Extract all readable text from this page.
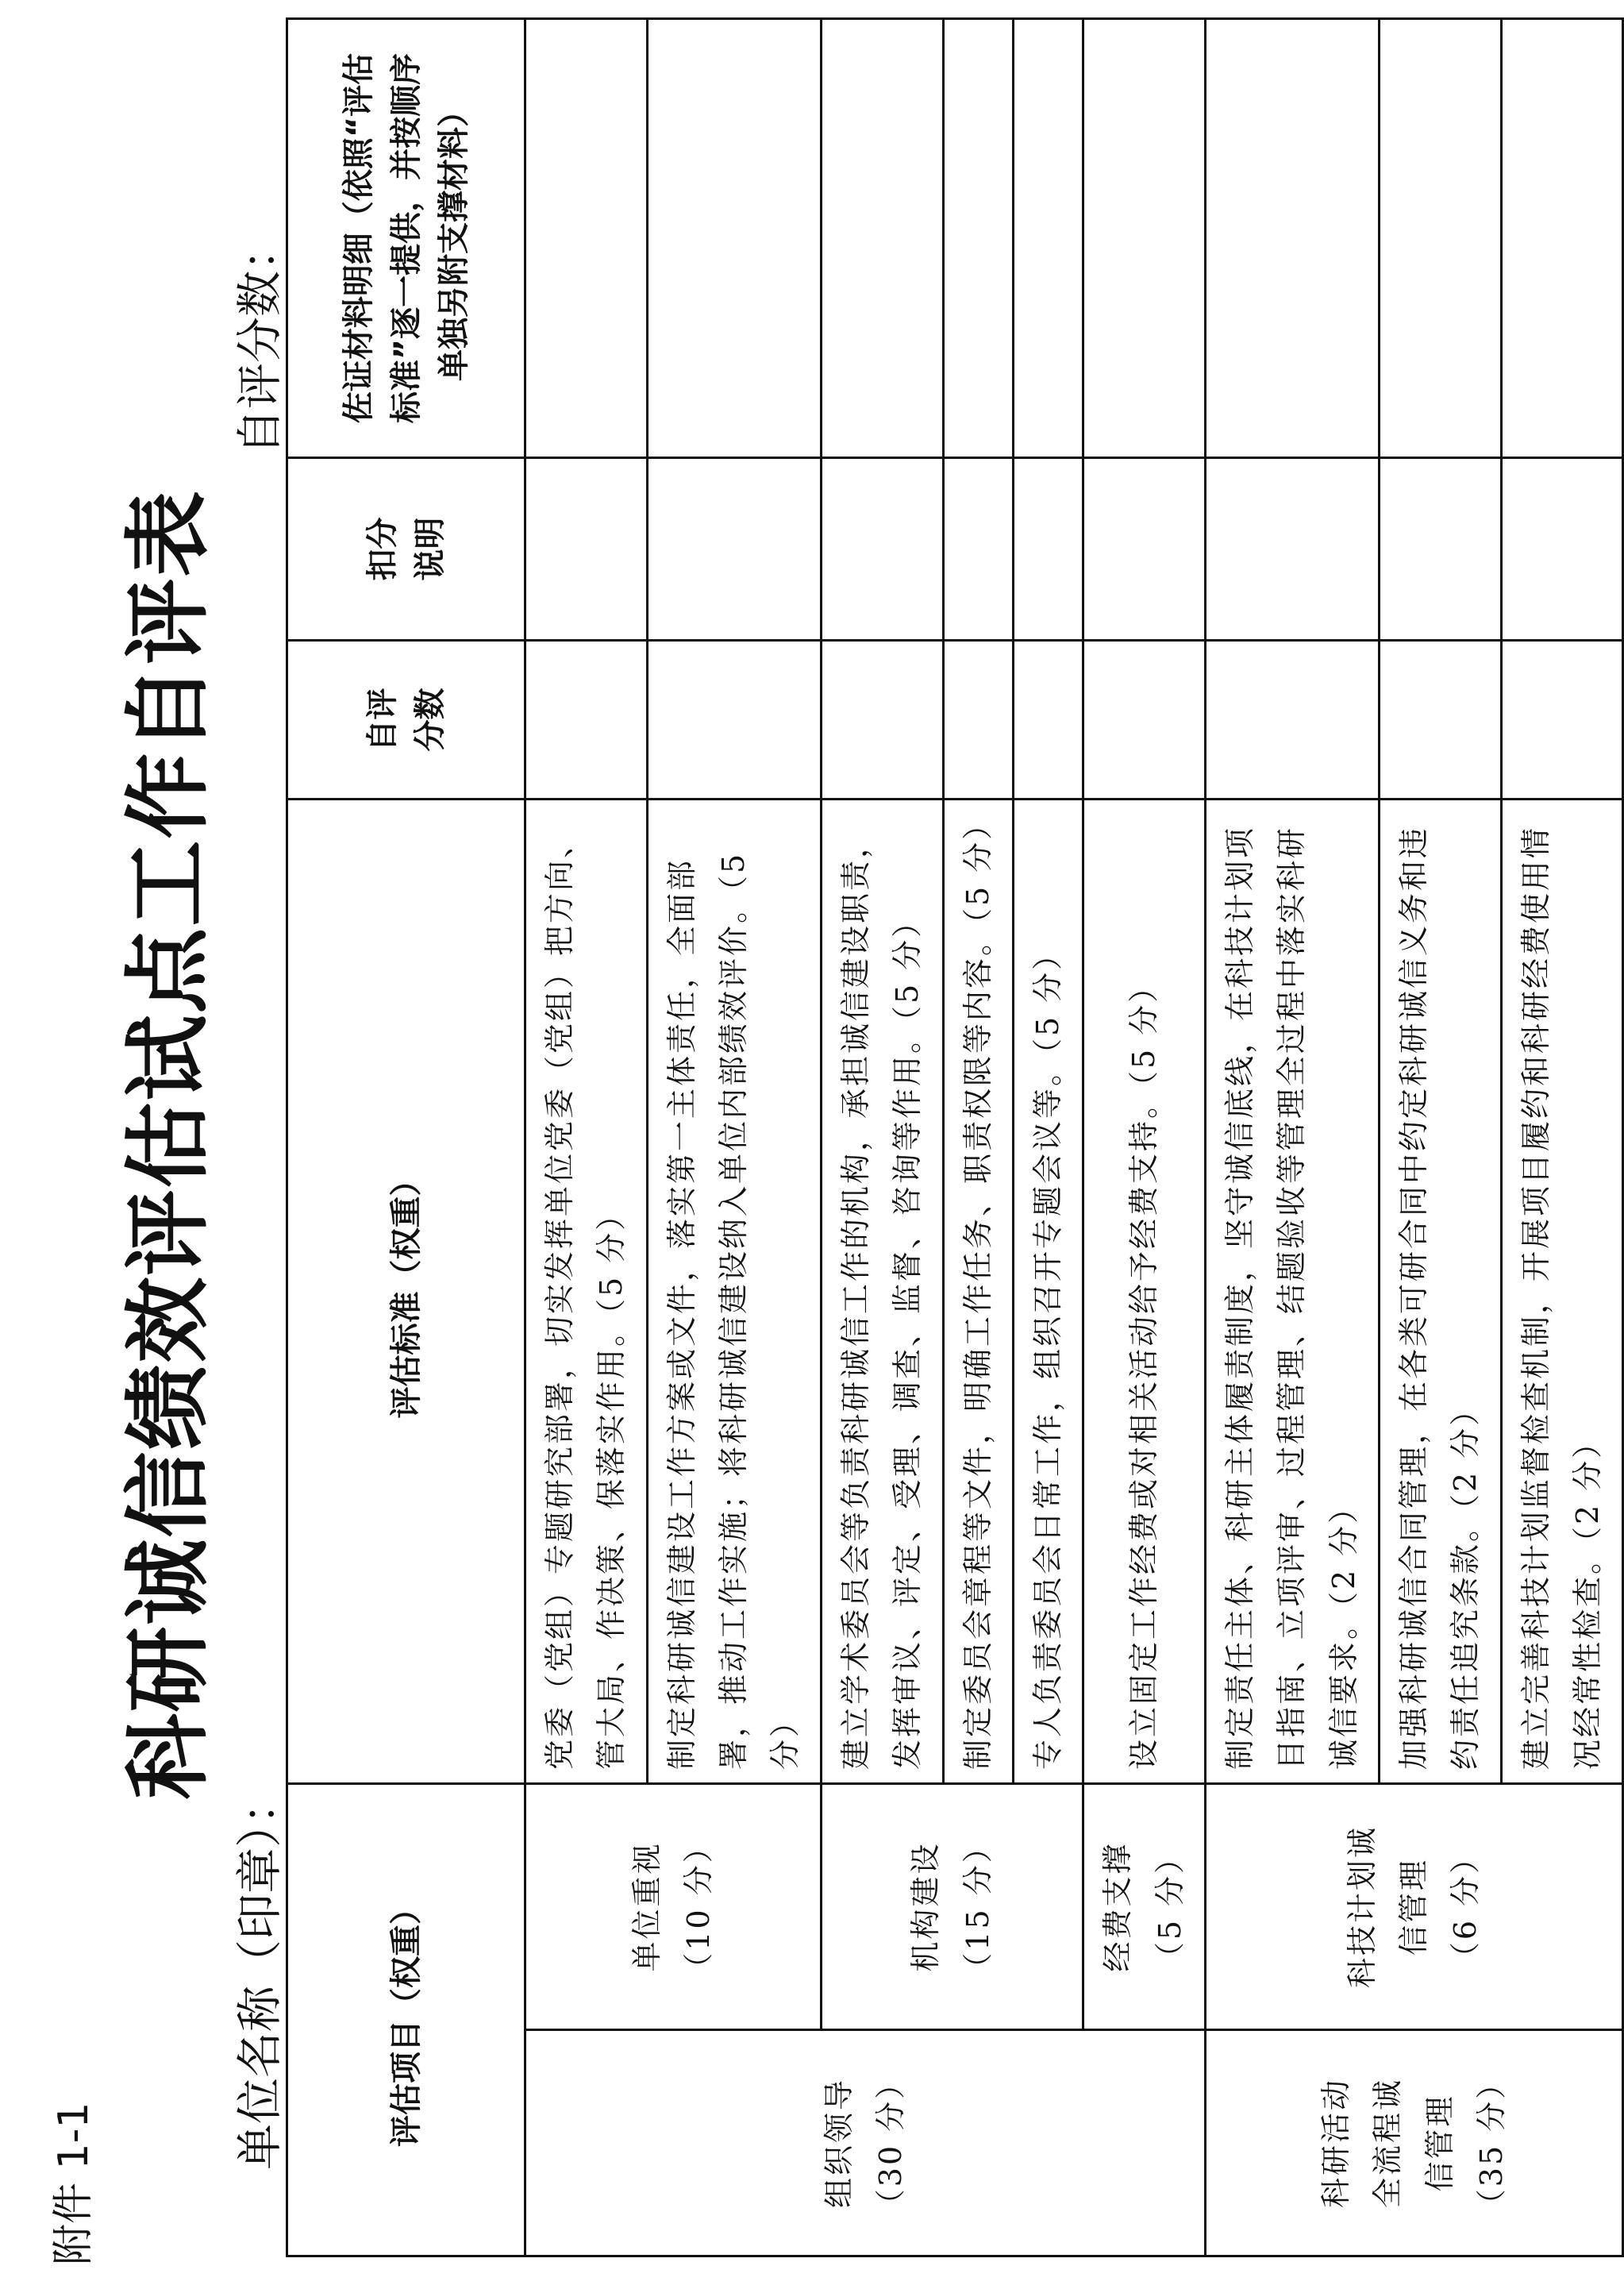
附件 1-1
科研诚信绩效评估试点工作自评表
单位名称（印章）：
自评分数：
评估项目（权重）		评估标准（权重）	自评 分数	扣分 说明	佐证材料明细（依照“评估 标准”逐一提供，并按顺序 单独另附支撑材料）

组织领导 （30 分）	单位重视 （10 分）	党委（党组）专题研究部署，切实发挥单位党委（党组）把方向、管大局、作决策、保落实作用。（5 分）			
		制定科研诚信建设工作方案或文件，落实第一主体责任，全面部署，推动工作实施；将科研诚信建设纳入单位内部绩效评价。（5 分）			

	机构建设 （15 分）	建立学术委员会等负责科研诚信工作的机构，承担诚信建设职责，发挥审议、评定、受理、调查、监督、咨询等作用。（5 分）			
		制定委员会章程等文件，明确工作任务、职责权限等内容。（5 分）			
		专人负责委员会日常工作，组织召开专题会议等。（5 分）			

	经费支撑 （5 分）	设立固定工作经费或对相关活动给予经费支持。（5 分）			

科研活动 全流程诚 信管理 （35 分）	科技计划诚 信管理 （6 分）	制定责任主体、科研主体履责制度，坚守诚信底线，在科技计划项目指南、立项评审、过程管理、结题验收等管理全过程中落实科研诚信要求。（2 分）			
		加强科研诚信合同管理，在各类可研合同中约定科研诚信义务和违约责任追究条款。（2 分）			
		建立完善科技计划监督检查机制，开展项目履约和科研经费使用情况经常性检查。（2 分）			
